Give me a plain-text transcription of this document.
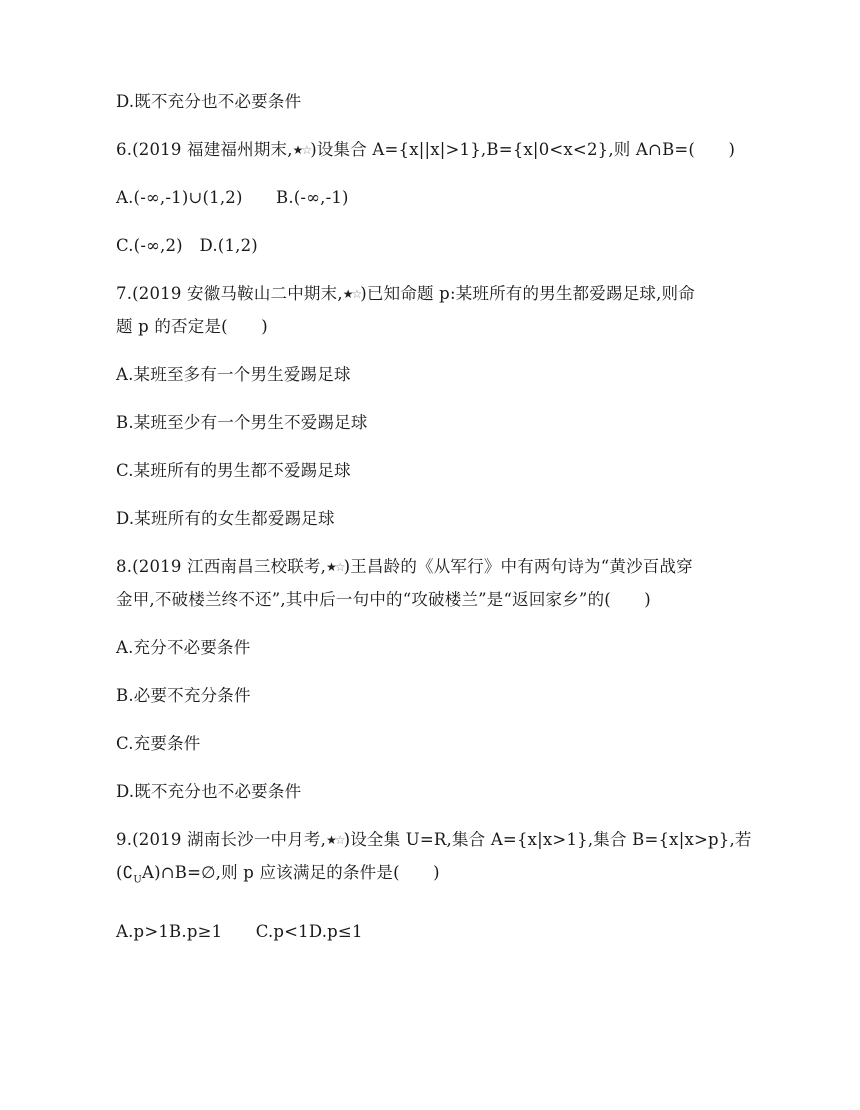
D.既不充分也不必要条件
6.(2019 福建福州期末,★☆)设集合 A={x||x|>1},B={x|0<x<2},则 A∩B=(　　)
A.(-∞,-1)∪(1,2)　　B.(-∞,-1)
C.(-∞,2)　D.(1,2)
7.(2019 安徽马鞍山二中期末,★☆)已知命题 p:某班所有的男生都爱踢足球,则命
题 p 的否定是(　　)
A.某班至多有一个男生爱踢足球
B.某班至少有一个男生不爱踢足球
C.某班所有的男生都不爱踢足球
D.某班所有的女生都爱踢足球
8.(2019 江西南昌三校联考,★☆)王昌龄的《从军行》中有两句诗为“黄沙百战穿
金甲,不破楼兰终不还”,其中后一句中的“攻破楼兰”是“返回家乡”的(　　)
A.充分不必要条件
B.必要不充分条件
C.充要条件
D.既不充分也不必要条件
9.(2019 湖南长沙一中月考,★☆)设全集 U=R,集合 A={x|x>1},集合 B={x|x>p},若
$(∁_UA)\cap B=\emptyset$,则 p 应该满足的条件是(　　)
A.p>1B.p≥1　　C.p<1D.p≤1
